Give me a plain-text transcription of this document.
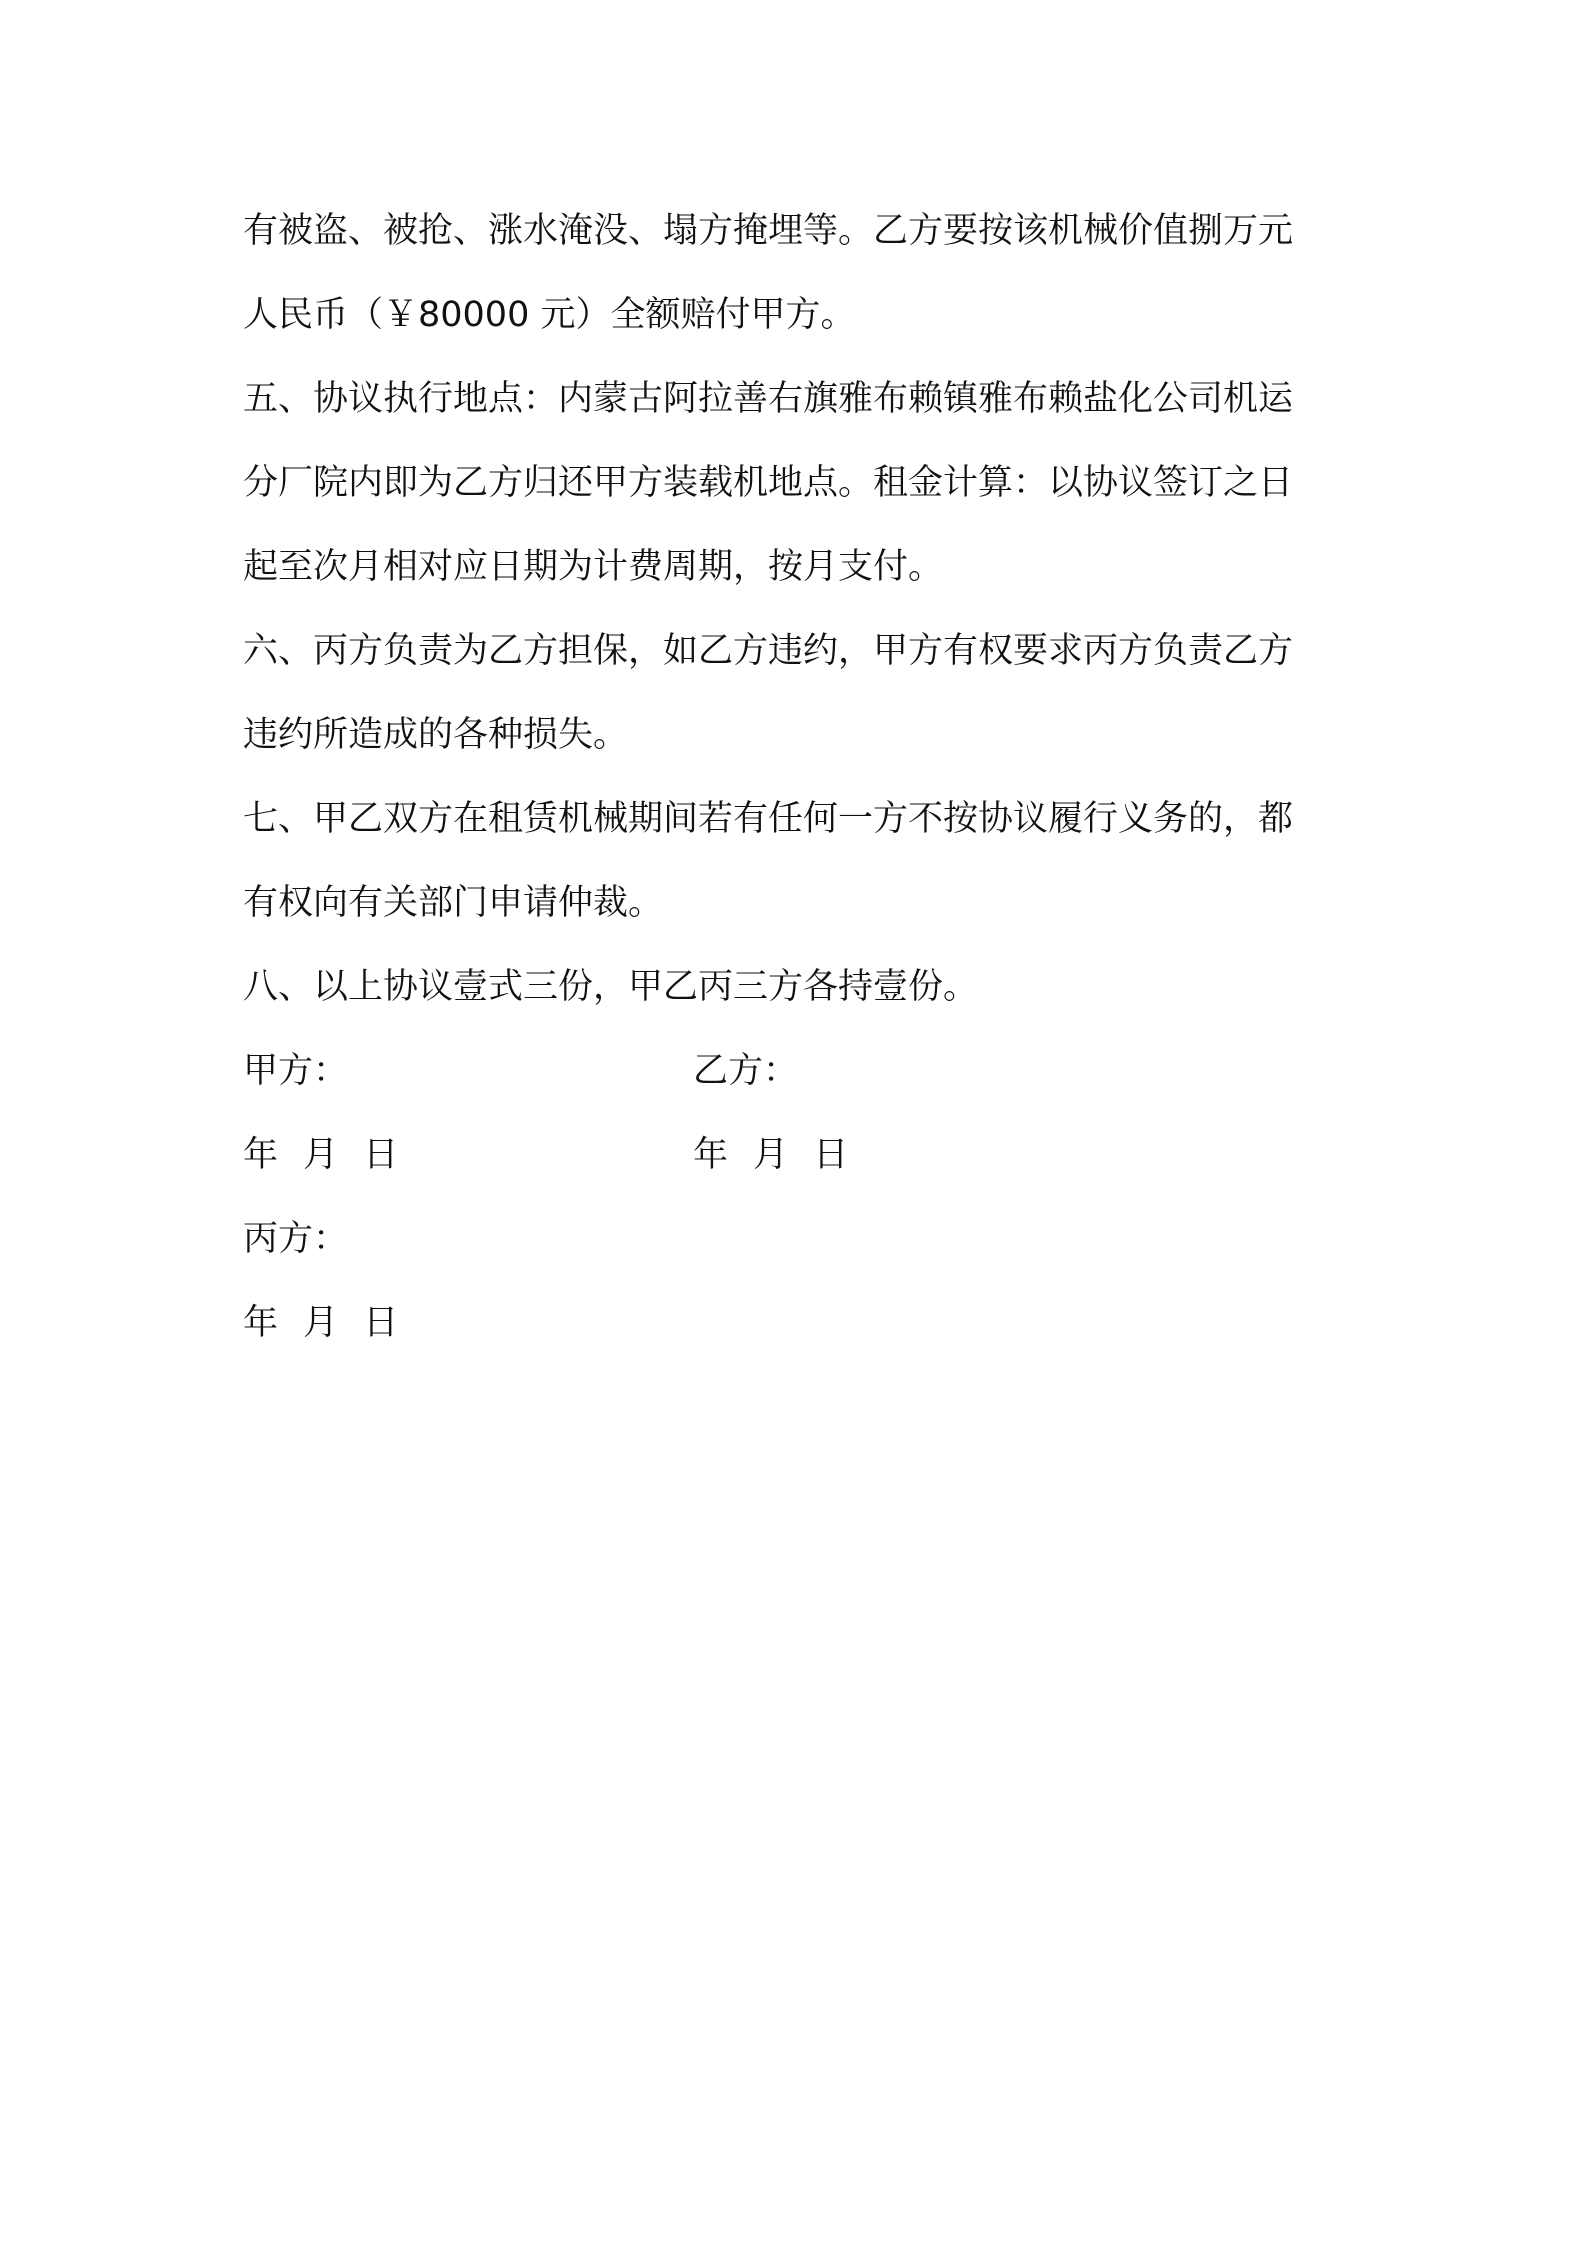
有被盗、被抢、涨水淹没、塌方掩埋等。乙方要按该机械价值捌万元
人民币（￥80000 元）全额赔付甲方。
五、协议执行地点：内蒙古阿拉善右旗雅布赖镇雅布赖盐化公司机运
分厂院内即为乙方归还甲方装载机地点。租金计算：以协议签订之日
起至次月相对应日期为计费周期，按月支付。
六、丙方负责为乙方担保，如乙方违约，甲方有权要求丙方负责乙方
违约所造成的各种损失。
七、甲乙双方在租赁机械期间若有任何一方不按协议履行义务的，都
有权向有关部门申请仲裁。
八、以上协议壹式三份，甲乙丙三方各持壹份。
甲方：	乙方：
年 月 日	年 月 日
丙方：
年 月 日
